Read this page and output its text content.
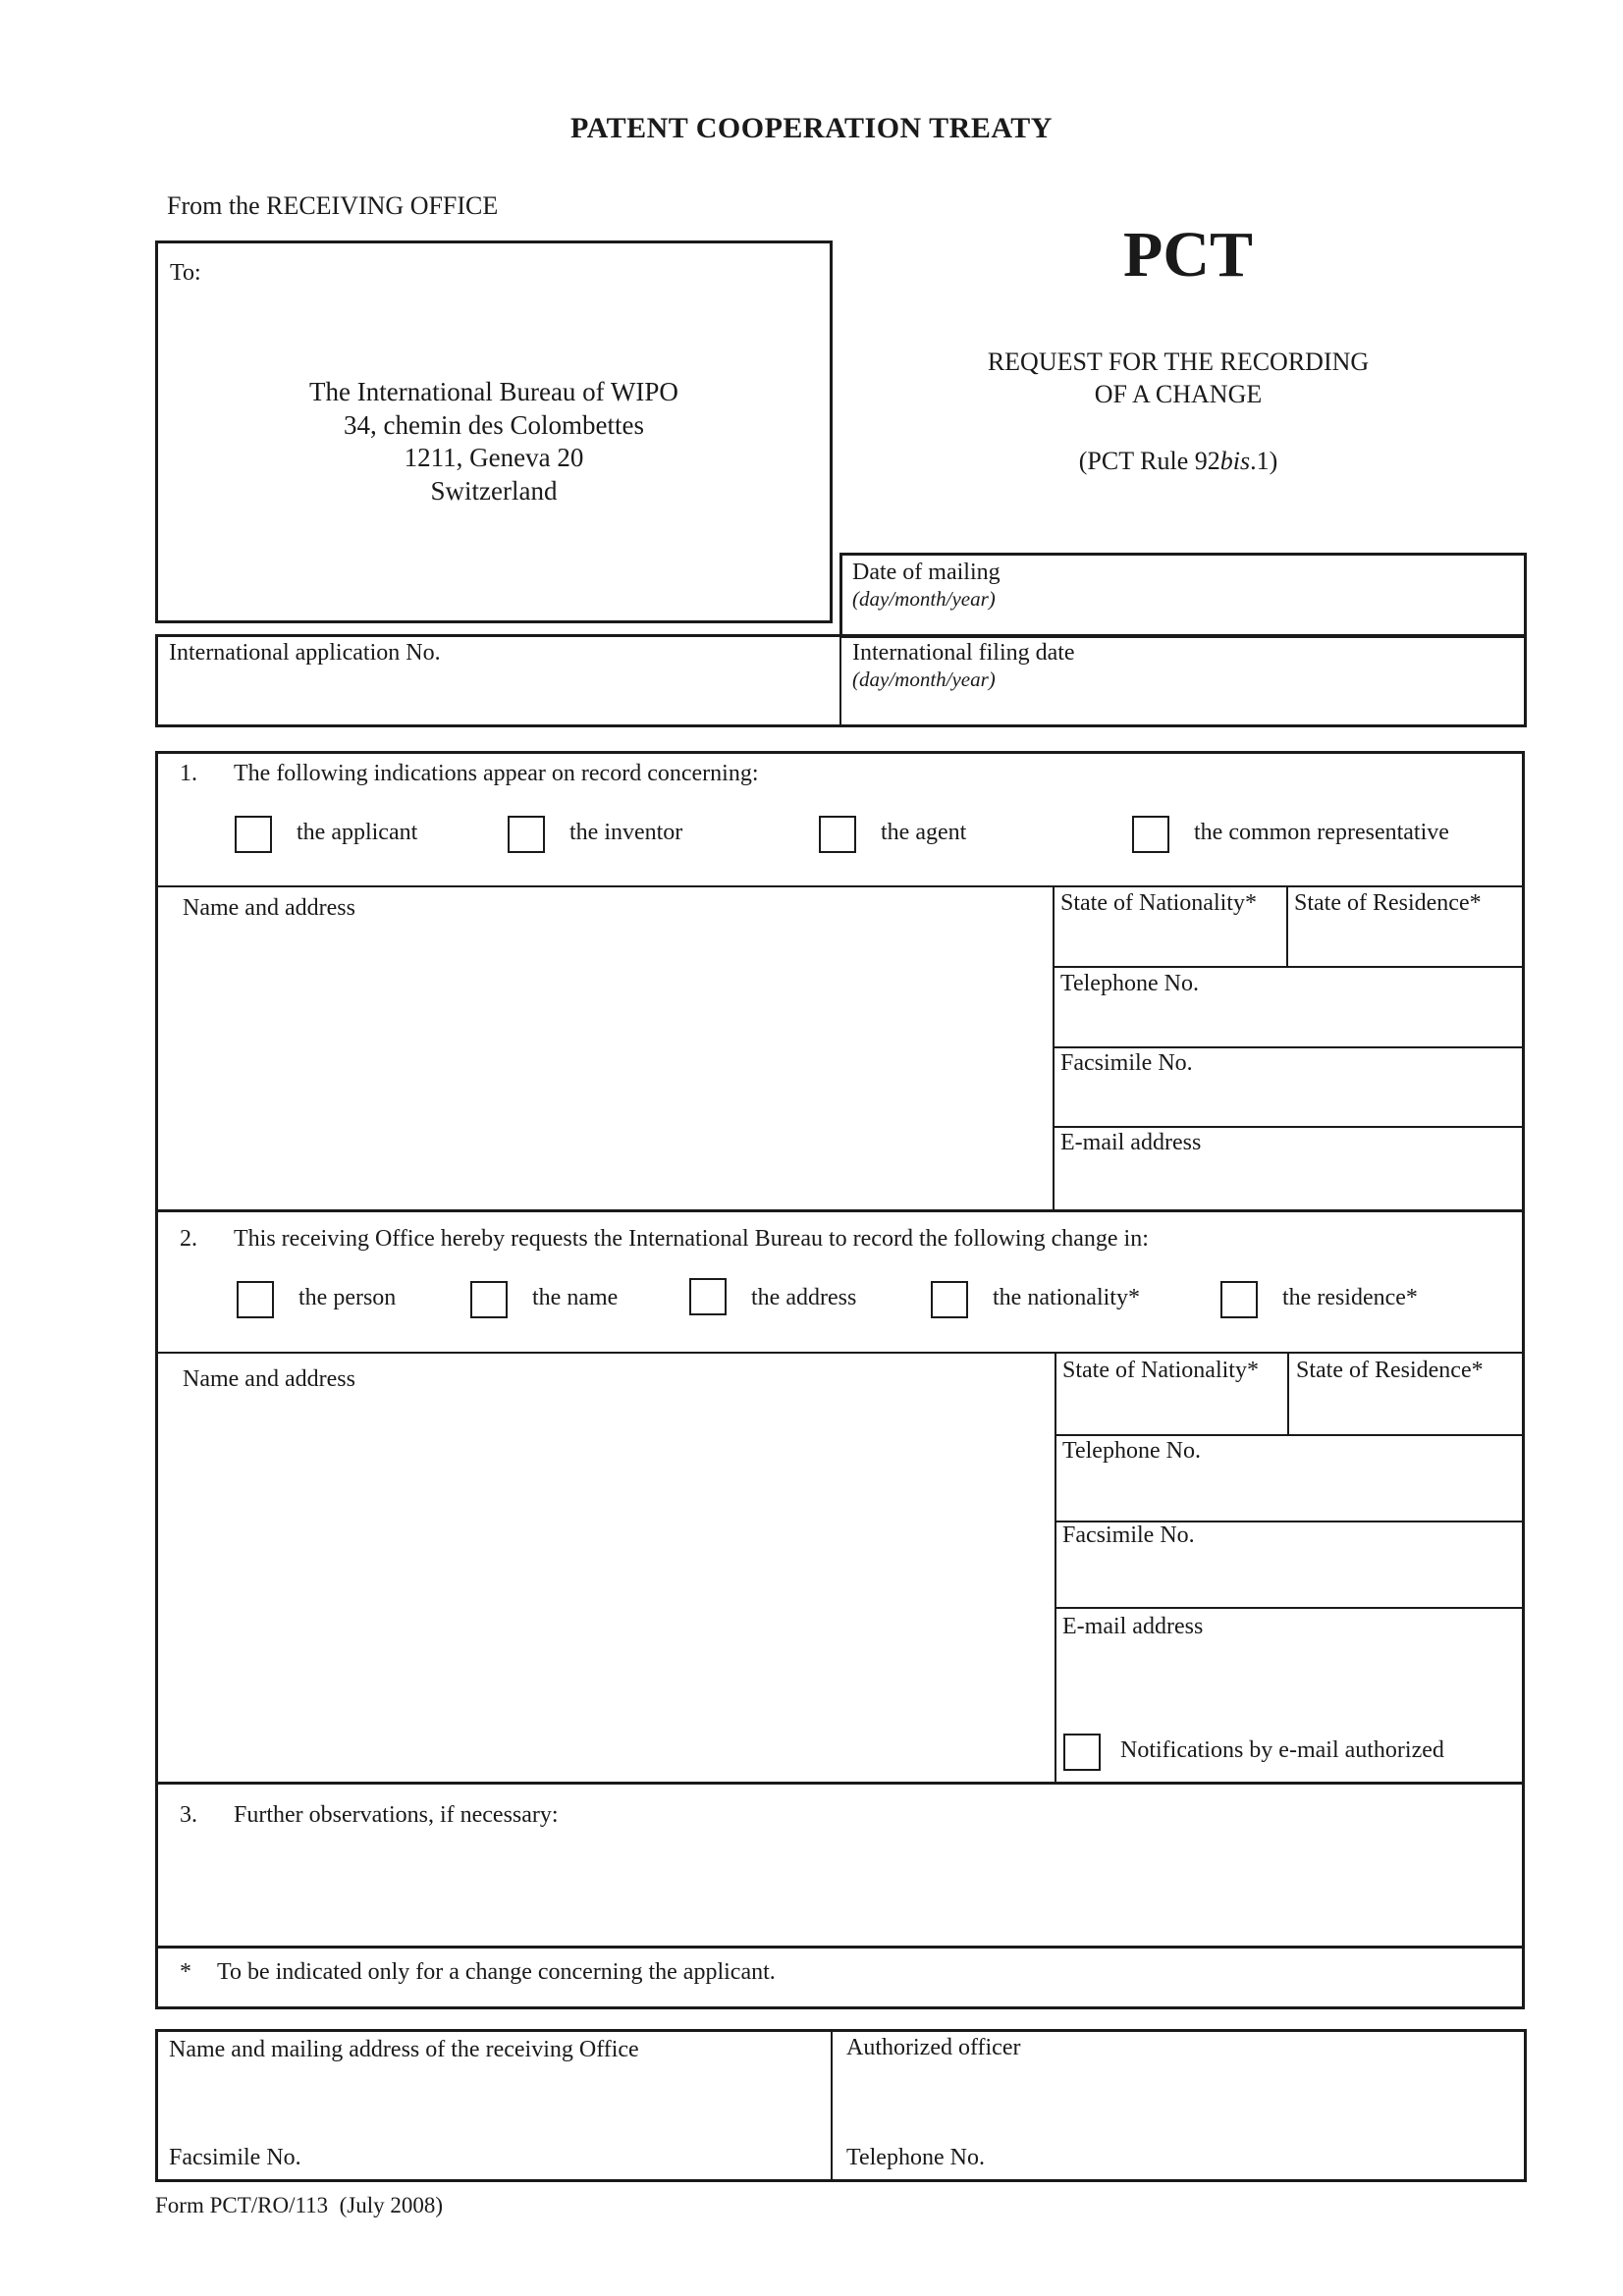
PATENT COOPERATION TREATY
From the RECEIVING OFFICE
PCT
REQUEST FOR THE RECORDING
OF A CHANGE
(PCT Rule 92bis.1)
To:
The International Bureau of WIPO
34, chemin des Colombettes
1211, Geneva 20
Switzerland
Date of mailing
(day/month/year)
International application No.	International filing date
(day/month/year)
1. The following indications appear on record concerning:
the applicant	the inventor	the agent	the common representative
Name and address	State of Nationality* State of Residence*
Telephone No.
Facsimile No.
E-mail address
2. This receiving Office hereby requests the International Bureau to record the following change in:
the person	the name	the address	the nationality*	the residence*
Name and address	State of Nationality* State of Residence*
Telephone No.
Facsimile No.
E-mail address
Notifications by e-mail authorized
3. Further observations, if necessary:
* To be indicated only for a change concerning the applicant.
Name and mailing address of the receiving Office
Facsimile No.
Authorized officer
Telephone No.
Form PCT/RO/113  (July 2008)
